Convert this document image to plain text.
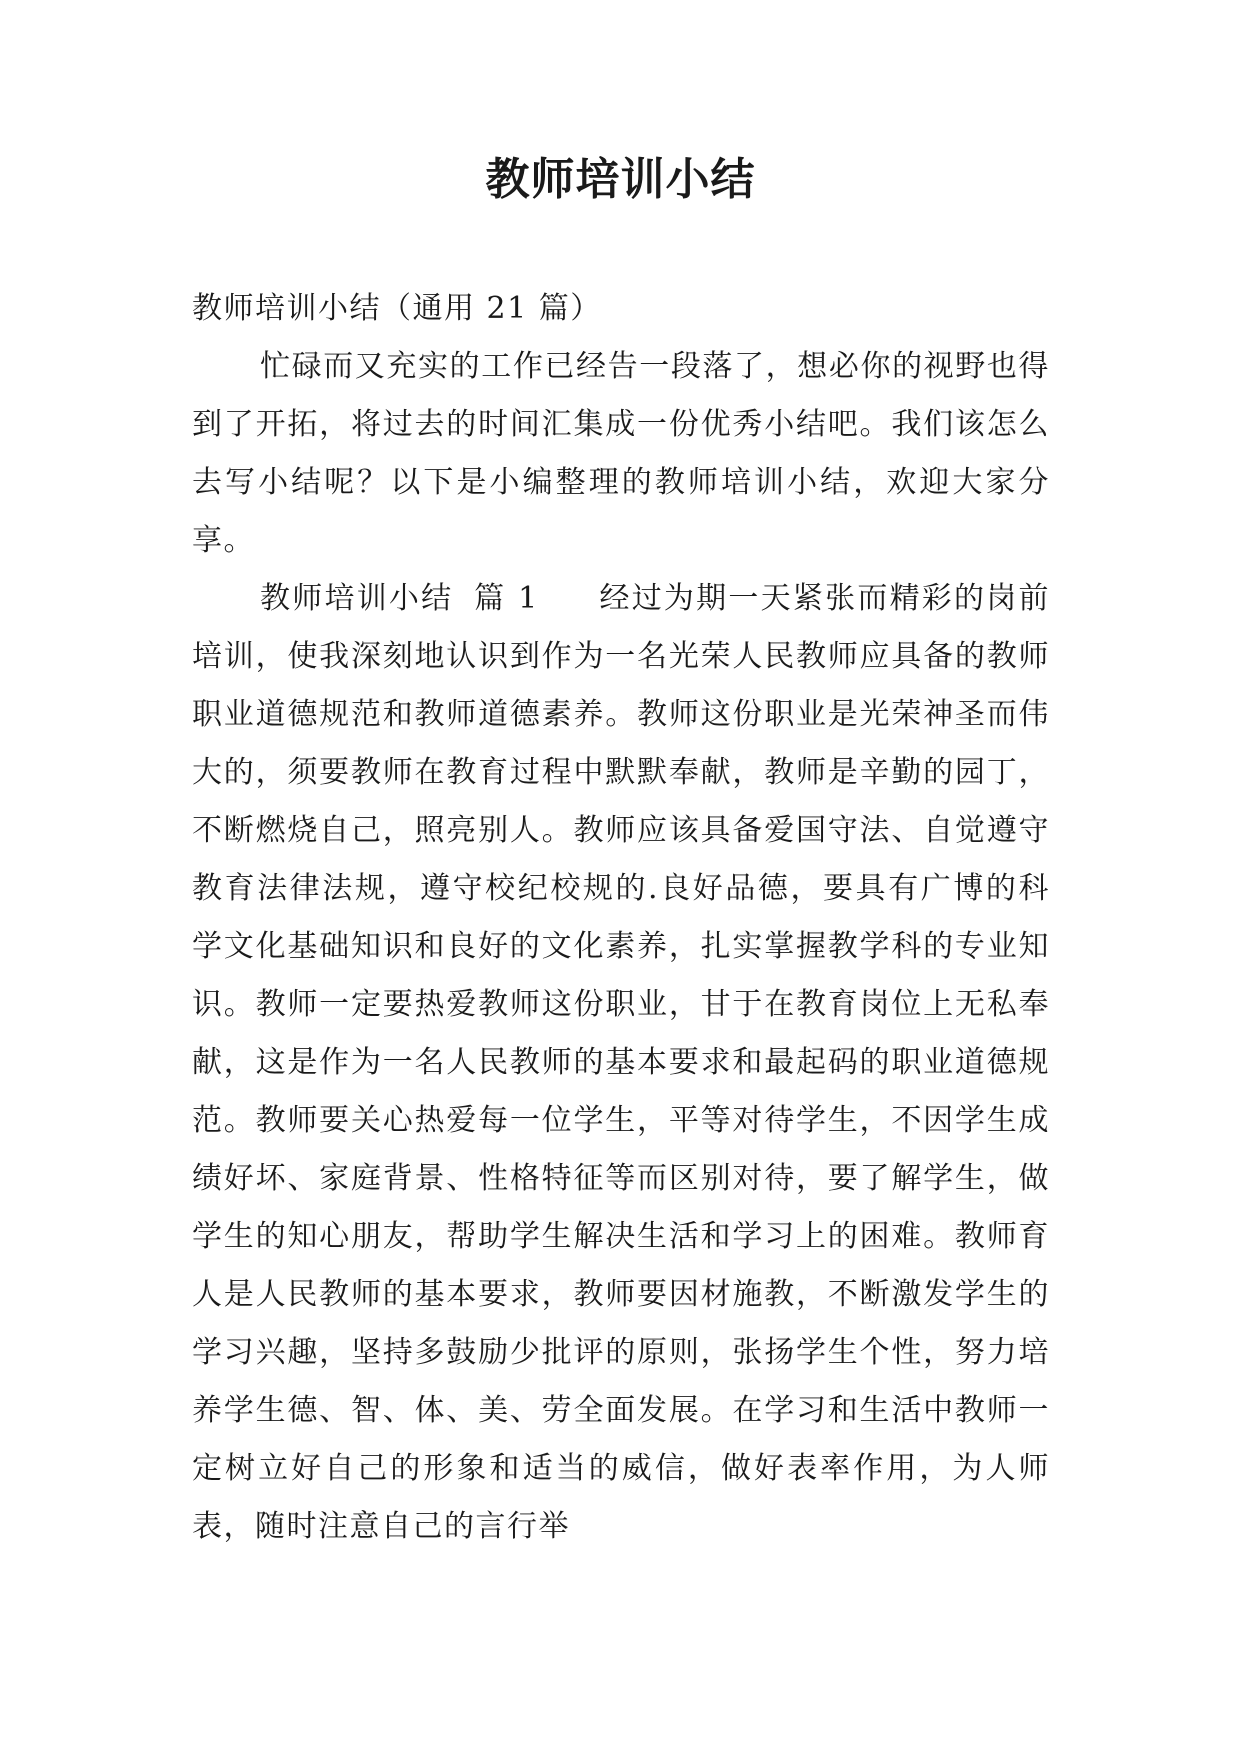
教师培训小结

教师培训小结（通用 21 篇）

忙碌而又充实的工作已经告一段落了，想必你的视野也得到了开拓，将过去的时间汇集成一份优秀小结吧。我们该怎么去写小结呢？以下是小编整理的教师培训小结，欢迎大家分享。

教师培训小结 篇 1 经过为期一天紧张而精彩的岗前培训，使我深刻地认识到作为一名光荣人民教师应具备的教师职业道德规范和教师道德素养。教师这份职业是光荣神圣而伟大的，须要教师在教育过程中默默奉献，教师是辛勤的园丁，不断燃烧自己，照亮别人。教师应该具备爱国守法、自觉遵守教育法律法规，遵守校纪校规的.良好品德，要具有广博的科学文化基础知识和良好的文化素养，扎实掌握教学科的专业知识。教师一定要热爱教师这份职业，甘于在教育岗位上无私奉献，这是作为一名人民教师的基本要求和最起码的职业道德规范。教师要关心热爱每一位学生，平等对待学生，不因学生成绩好坏、家庭背景、性格特征等而区别对待，要了解学生，做学生的知心朋友，帮助学生解决生活和学习上的困难。教师育人是人民教师的基本要求，教师要因材施教，不断激发学生的学习兴趣，坚持多鼓励少批评的原则，张扬学生个性，努力培养学生德、智、体、美、劳全面发展。在学习和生活中教师一定树立好自己的形象和适当的威信，做好表率作用，为人师表，随时注意自己的言行举
